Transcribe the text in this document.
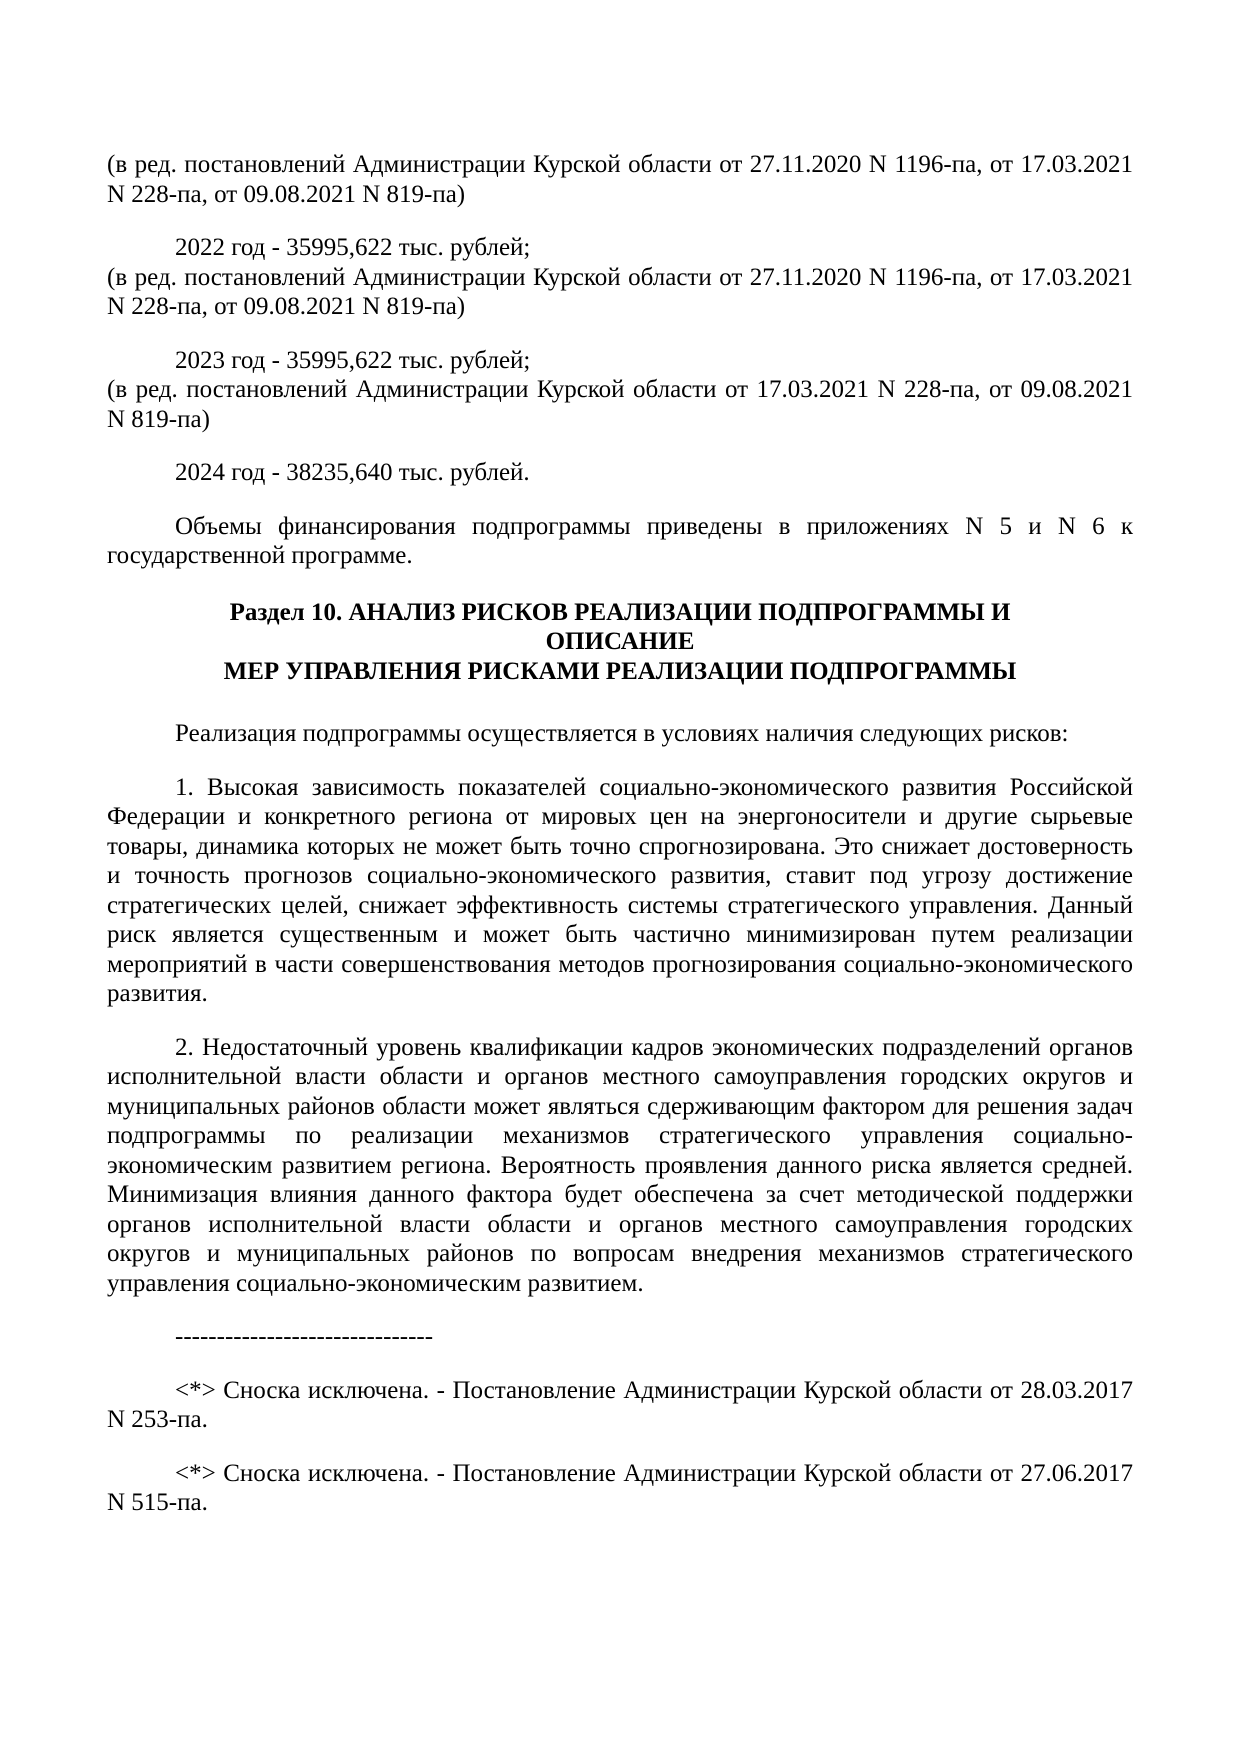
(в ред. постановлений Администрации Курской области от 27.11.2020 N 1196-па, от 17.03.2021 N 228-па, от 09.08.2021 N 819-па)

2022 год - 35995,622 тыс. рублей;

(в ред. постановлений Администрации Курской области от 27.11.2020 N 1196-па, от 17.03.2021 N 228-па, от 09.08.2021 N 819-па)

2023 год - 35995,622 тыс. рублей;

(в ред. постановлений Администрации Курской области от 17.03.2021 N 228-па, от 09.08.2021 N 819-па)

2024 год - 38235,640 тыс. рублей.

Объемы финансирования подпрограммы приведены в приложениях N 5 и N 6 к государственной программе.

Раздел 10. АНАЛИЗ РИСКОВ РЕАЛИЗАЦИИ ПОДПРОГРАММЫ И
ОПИСАНИЕ
МЕР УПРАВЛЕНИЯ РИСКАМИ РЕАЛИЗАЦИИ ПОДПРОГРАММЫ

Реализация подпрограммы осуществляется в условиях наличия следующих рисков:

1. Высокая зависимость показателей социально-экономического развития Российской Федерации и конкретного региона от мировых цен на энергоносители и другие сырьевые товары, динамика которых не может быть точно спрогнозирована. Это снижает достоверность и точность прогнозов социально-экономического развития, ставит под угрозу достижение стратегических целей, снижает эффективность системы стратегического управления. Данный риск является существенным и может быть частично минимизирован путем реализации мероприятий в части совершенствования методов прогнозирования социально-экономического развития.

2. Недостаточный уровень квалификации кадров экономических подразделений органов исполнительной власти области и органов местного самоуправления городских округов и муниципальных районов области может являться сдерживающим фактором для решения задач подпрограммы по реализации механизмов стратегического управления социально-экономическим развитием региона. Вероятность проявления данного риска является средней. Минимизация влияния данного фактора будет обеспечена за счет методической поддержки органов исполнительной власти области и органов местного самоуправления городских округов и муниципальных районов по вопросам внедрения механизмов стратегического управления социально-экономическим развитием.

-------------------------------

<*> Сноска исключена. - Постановление Администрации Курской области от 28.03.2017 N 253-па.

<*> Сноска исключена. - Постановление Администрации Курской области от 27.06.2017 N 515-па.
